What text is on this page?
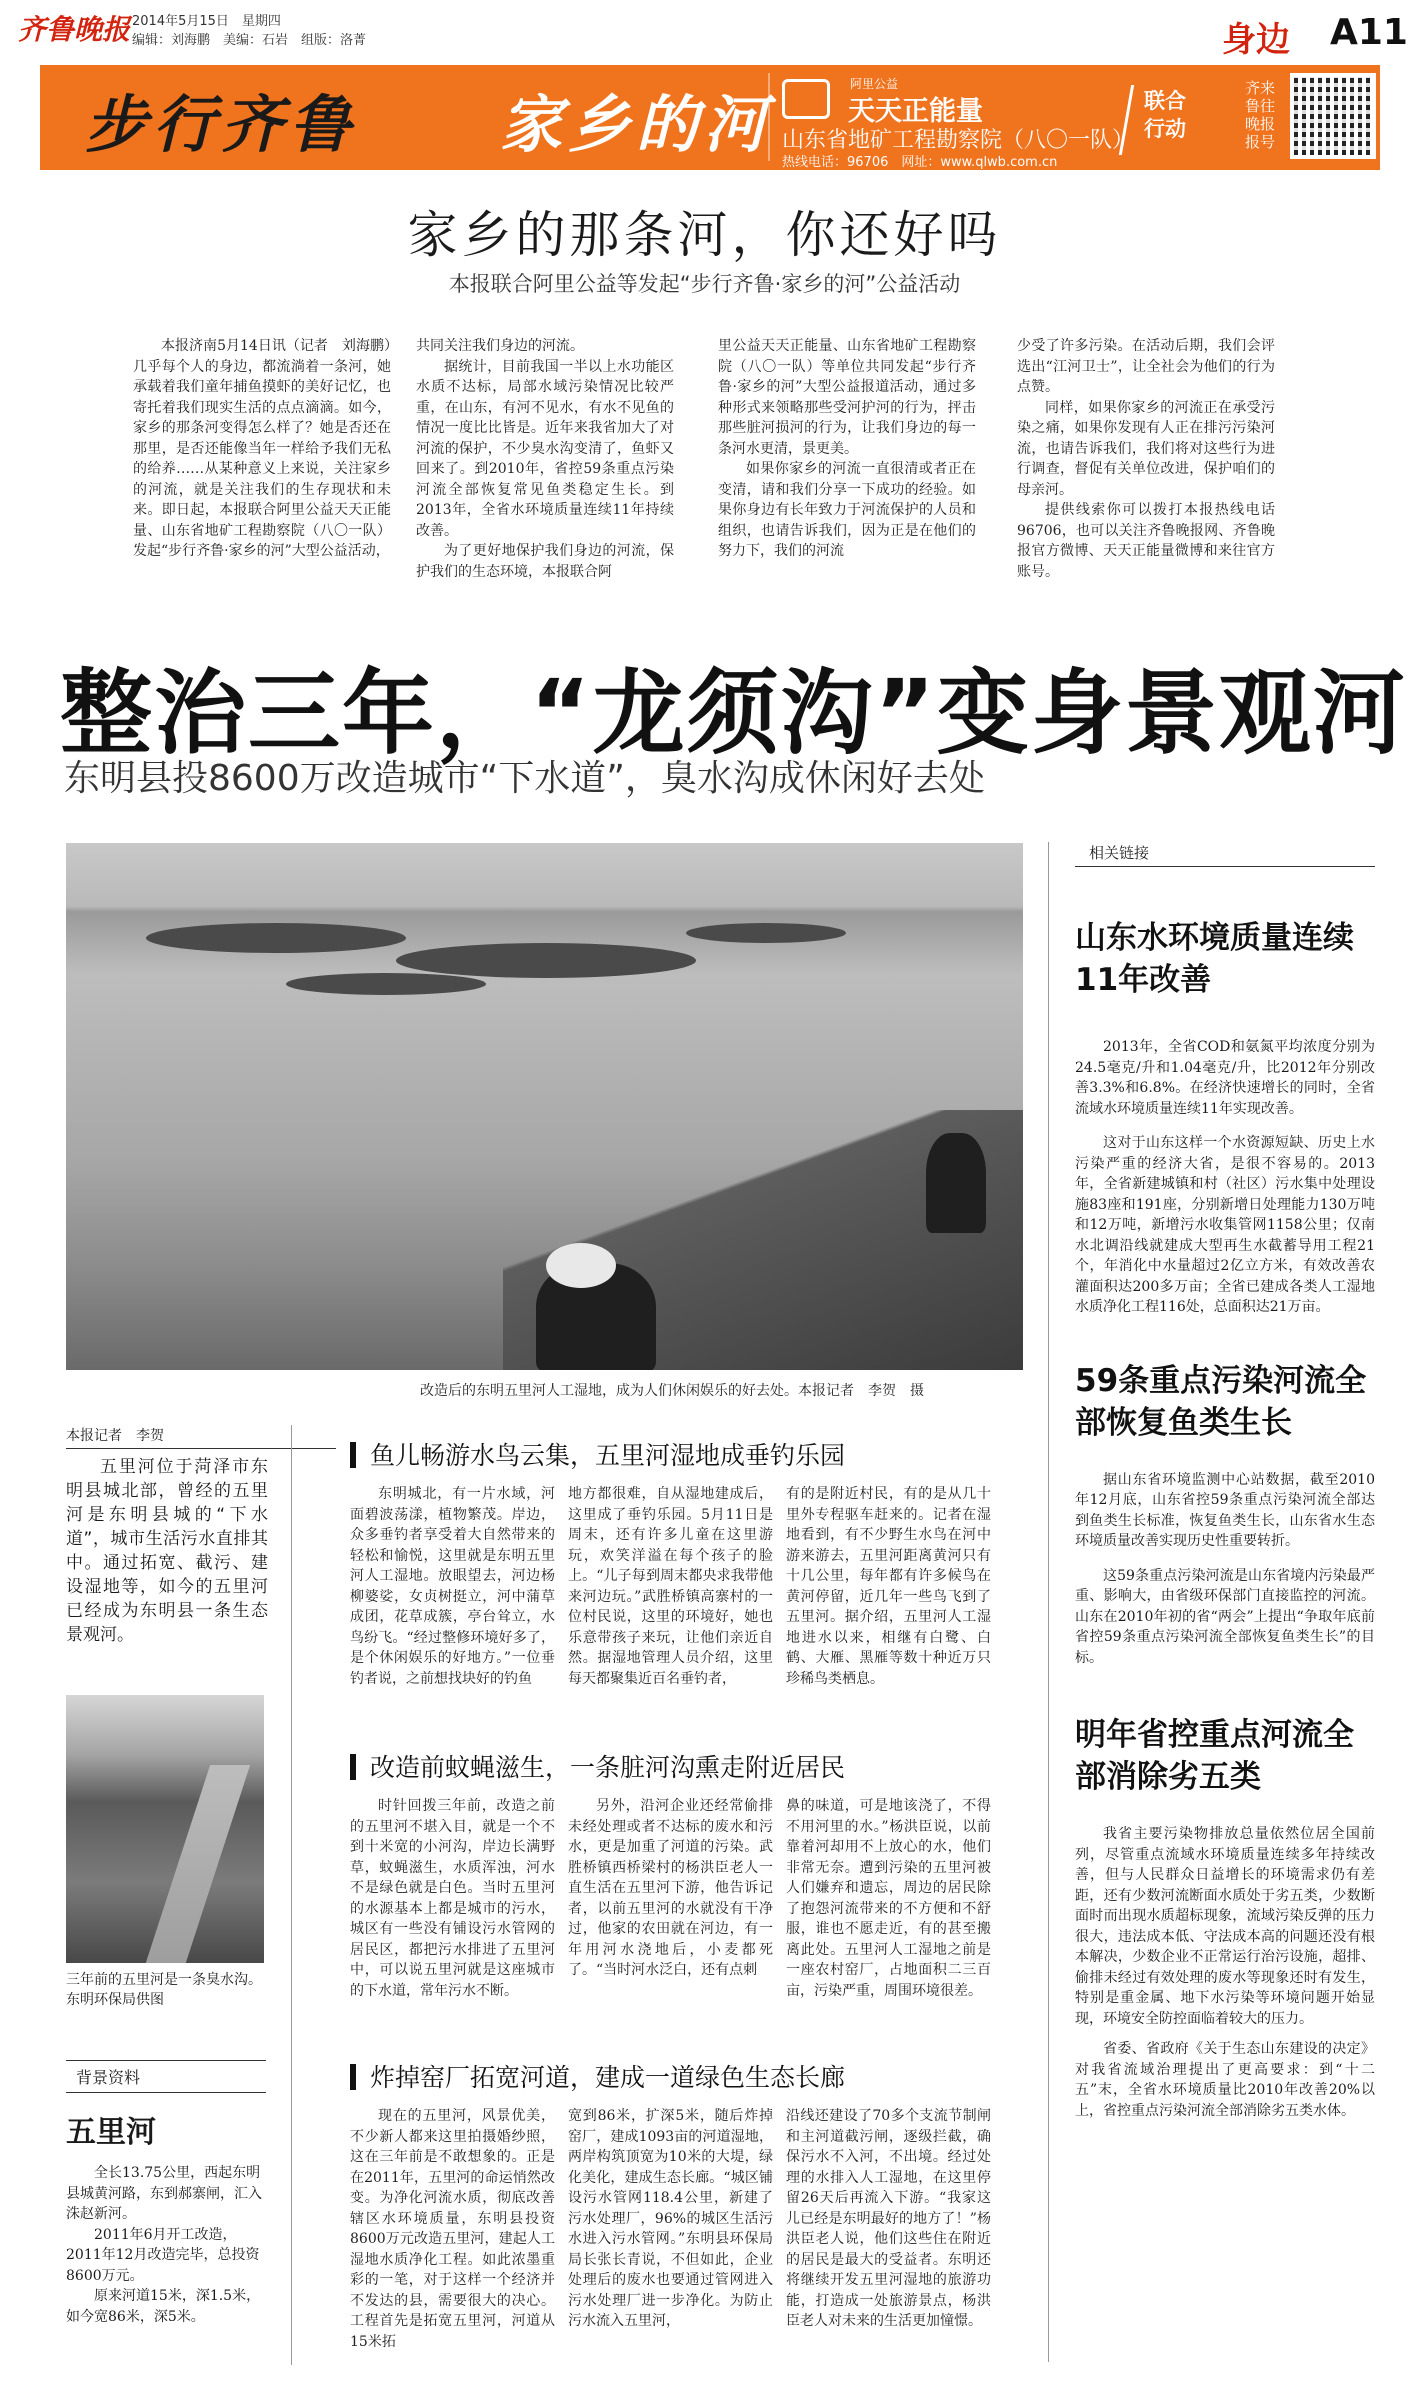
齐鲁晚报 2014年5月15日　星期四
编辑：刘海鹏　美编：石岩　组版：洛菁	身边 A11
步行齐鲁 家乡的河
阿里公益
天天正能量
山东省地矿工程勘察院（八〇一队）
热线电话：96706　网址：www.qlwb.com.cn
联合行动
齐来鲁往晚报报号
家乡的那条河，你还好吗
本报联合阿里公益等发起“步行齐鲁·家乡的河”公益活动

本报济南5月14日讯（记者　刘海鹏）几乎每个人的身边，都流淌着一条河，她承载着我们童年捕鱼摸虾的美好记忆，也寄托着我们现实生活的点点滴滴。如今，家乡的那条河变得怎么样了？她是否还在那里，是否还能像当年一样给予我们无私的给养……从某种意义上来说，关注家乡的河流，就是关注我们的生存现状和未来。即日起，本报联合阿里公益天天正能量、山东省地矿工程勘察院（八〇一队）发起“步行齐鲁·家乡的河”大型公益活动，

共同关注我们身边的河流。

据统计，目前我国一半以上水功能区水质不达标，局部水域污染情况比较严重，在山东，有河不见水，有水不见鱼的情况一度比比皆是。近年来我省加大了对河流的保护，不少臭水沟变清了，鱼虾又回来了。到2010年，省控59条重点污染河流全部恢复常见鱼类稳定生长。到2013年，全省水环境质量连续11年持续改善。

为了更好地保护我们身边的河流，保护我们的生态环境，本报联合阿

里公益天天正能量、山东省地矿工程勘察院（八〇一队）等单位共同发起“步行齐鲁·家乡的河”大型公益报道活动，通过多种形式来领略那些受河护河的行为，抨击那些脏河损河的行为，让我们身边的每一条河水更清，景更美。

如果你家乡的河流一直很清或者正在变清，请和我们分享一下成功的经验。如果你身边有长年致力于河流保护的人员和组织，也请告诉我们，因为正是在他们的努力下，我们的河流

少受了许多污染。在活动后期，我们会评选出“江河卫士”，让全社会为他们的行为点赞。

同样，如果你家乡的河流正在承受污染之痛，如果你发现有人正在排污污染河流，也请告诉我们，我们将对这些行为进行调查，督促有关单位改进，保护咱们的母亲河。

提供线索你可以拨打本报热线电话96706，也可以关注齐鲁晚报网、齐鲁晚报官方微博、天天正能量微博和来往官方账号。

整治三年，“龙须沟”变身景观河
东明县投8600万改造城市“下水道”，臭水沟成休闲好去处
改造后的东明五里河人工湿地，成为人们休闲娱乐的好去处。本报记者　李贺　摄
相关链接
山东水环境质量连续11年改善

2013年，全省COD和氨氮平均浓度分别为24.5毫克/升和1.04毫克/升，比2012年分别改善3.3%和6.8%。在经济快速增长的同时，全省流域水环境质量连续11年实现改善。

这对于山东这样一个水资源短缺、历史上水污染严重的经济大省，是很不容易的。2013年，全省新建城镇和村（社区）污水集中处理设施83座和191座，分别新增日处理能力130万吨和12万吨，新增污水收集管网1158公里；仅南水北调沿线就建成大型再生水截蓄导用工程21个，年消化中水量超过2亿立方米，有效改善农灌面积达200多万亩；全省已建成各类人工湿地水质净化工程116处，总面积达21万亩。

59条重点污染河流全部恢复鱼类生长

据山东省环境监测中心站数据，截至2010年12月底，山东省控59条重点污染河流全部达到鱼类生长标准，恢复鱼类生长，山东省水生态环境质量改善实现历史性重要转折。

这59条重点污染河流是山东省境内污染最严重、影响大，由省级环保部门直接监控的河流。山东在2010年初的省“两会”上提出“争取年底前省控59条重点污染河流全部恢复鱼类生长”的目标。

明年省控重点河流全部消除劣五类

我省主要污染物排放总量依然位居全国前列，尽管重点流域水环境质量连续多年持续改善，但与人民群众日益增长的环境需求仍有差距，还有少数河流断面水质处于劣五类，少数断面时而出现水质超标现象，流域污染反弹的压力很大，违法成本低、守法成本高的问题还没有根本解决，少数企业不正常运行治污设施，超排、偷排未经过有效处理的废水等现象还时有发生，特别是重金属、地下水污染等环境问题开始显现，环境安全防控面临着较大的压力。

省委、省政府《关于生态山东建设的决定》对我省流域治理提出了更高要求：到“十二五”末，全省水环境质量比2010年改善20%以上，省控重点污染河流全部消除劣五类水体。

本报记者　李贺

五里河位于菏泽市东明县城北部，曾经的五里河是东明县城的“下水道”，城市生活污水直排其中。通过拓宽、截污、建设湿地等，如今的五里河已经成为东明县一条生态景观河。

三年前的五里河是一条臭水沟。东明环保局供图
背景资料
五里河

全长13.75公里，西起东明县城黄河路，东到郝寨闸，汇入洙赵新河。

2011年6月开工改造，2011年12月改造完毕，总投资8600万元。

原来河道15米，深1.5米，如今宽86米，深5米。

鱼儿畅游水鸟云集，五里河湿地成垂钓乐园

东明城北，有一片水域，河面碧波荡漾，植物繁茂。岸边，众多垂钓者享受着大自然带来的轻松和愉悦，这里就是东明五里河人工湿地。放眼望去，河边杨柳婆娑，女贞树挺立，河中蒲草成团，花草成簇，亭台耸立，水鸟纷飞。“经过整修环境好多了，是个休闲娱乐的好地方。”一位垂钓者说，之前想找块好的钓鱼

地方都很难，自从湿地建成后，这里成了垂钓乐园。5月11日是周末，还有许多儿童在这里游玩，欢笑洋溢在每个孩子的脸上。“儿子每到周末都央求我带他来河边玩。”武胜桥镇高寨村的一位村民说，这里的环境好，她也乐意带孩子来玩，让他们亲近自然。据湿地管理人员介绍，这里每天都聚集近百名垂钓者，

有的是附近村民，有的是从几十里外专程驱车赶来的。记者在湿地看到，有不少野生水鸟在河中游来游去，五里河距离黄河只有十几公里，每年都有许多候鸟在黄河停留，近几年一些鸟飞到了五里河。据介绍，五里河人工湿地进水以来，相继有白鹭、白鹤、大雁、黑雁等数十种近万只珍稀鸟类栖息。

改造前蚊蝇滋生，一条脏河沟熏走附近居民

时针回拨三年前，改造之前的五里河不堪入目，就是一个不到十米宽的小河沟，岸边长满野草，蚊蝇滋生，水质浑浊，河水不是绿色就是白色。当时五里河的水源基本上都是城市的污水，城区有一些没有铺设污水管网的居民区，都把污水排进了五里河中，可以说五里河就是这座城市的下水道，常年污水不断。

另外，沿河企业还经常偷排未经处理或者不达标的废水和污水，更是加重了河道的污染。武胜桥镇西桥梁村的杨洪臣老人一直生活在五里河下游，他告诉记者，以前五里河的水就没有干净过，他家的农田就在河边，有一年用河水浇地后，小麦都死了。“当时河水泛白，还有点刺

鼻的味道，可是地该浇了，不得不用河里的水。”杨洪臣说，以前靠着河却用不上放心的水，他们非常无奈。遭到污染的五里河被人们嫌弃和遗忘，周边的居民除了抱怨河流带来的不方便和不舒服，谁也不愿走近，有的甚至搬离此处。五里河人工湿地之前是一座农村窑厂，占地面积二三百亩，污染严重，周围环境很差。

炸掉窑厂拓宽河道，建成一道绿色生态长廊

现在的五里河，风景优美，不少新人都来这里拍摄婚纱照，这在三年前是不敢想象的。正是在2011年，五里河的命运悄然改变。为净化河流水质，彻底改善辖区水环境质量，东明县投资8600万元改造五里河，建起人工湿地水质净化工程。如此浓墨重彩的一笔，对于这样一个经济并不发达的县，需要很大的决心。工程首先是拓宽五里河，河道从15米拓

宽到86米，扩深5米，随后炸掉窑厂，建成1093亩的河道湿地，两岸构筑顶宽为10米的大堤，绿化美化，建成生态长廊。“城区铺设污水管网118.4公里，新建了污水处理厂，96%的城区生活污水进入污水管网。”东明县环保局局长张长青说，不但如此，企业处理后的废水也要通过管网进入污水处理厂进一步净化。为防止污水流入五里河，

沿线还建设了70多个支流节制闸和主河道截污闸，逐级拦截，确保污水不入河，不出境。经过处理的水排入人工湿地，在这里停留26天后再流入下游。“我家这儿已经是东明最好的地方了！”杨洪臣老人说，他们这些住在附近的居民是最大的受益者。东明还将继续开发五里河湿地的旅游功能，打造成一处旅游景点，杨洪臣老人对未来的生活更加憧憬。
